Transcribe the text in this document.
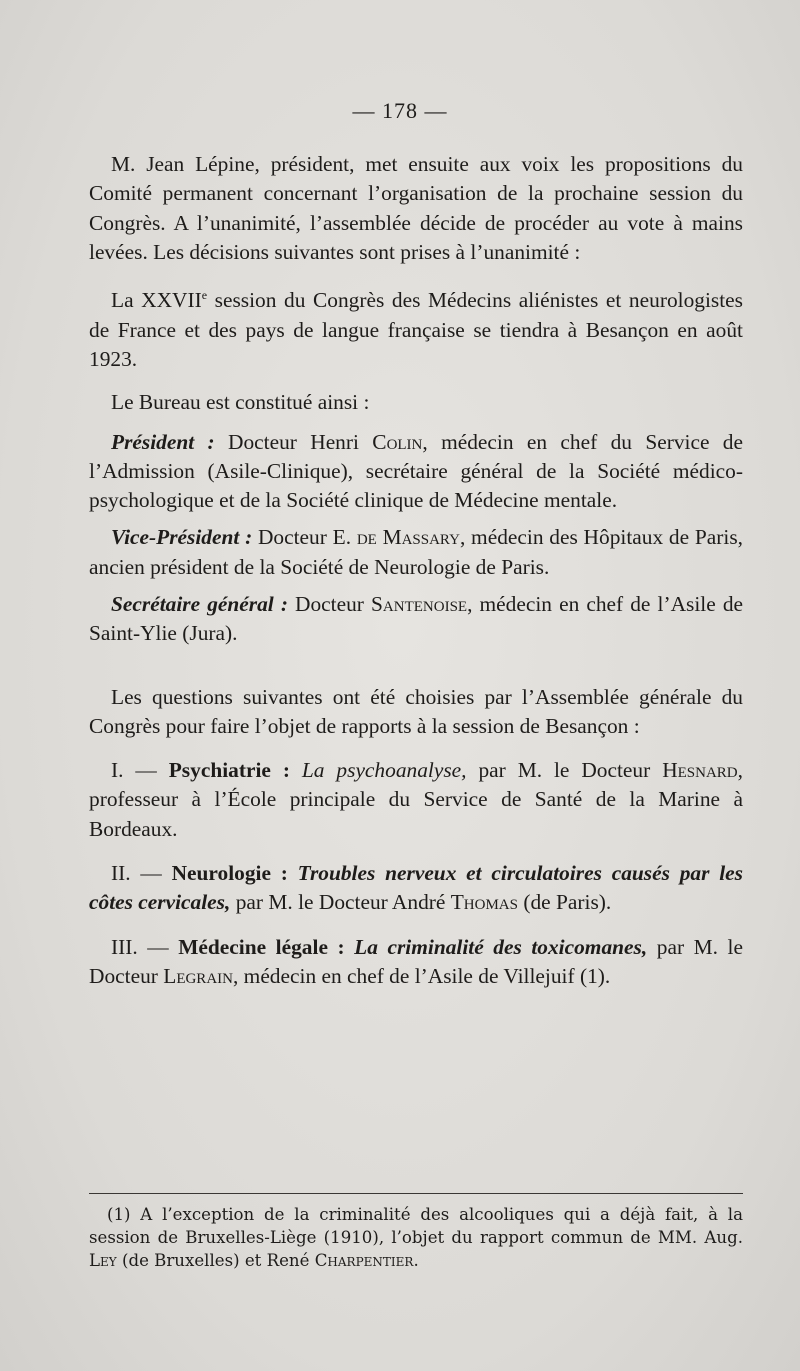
— 178 —

M. Jean Lépine, président, met ensuite aux voix les propositions du Comité permanent concernant l’organisation de la prochaine session du Congrès. A l’unanimité, l’assemblée décide de procéder au vote à mains levées. Les décisions suivantes sont prises à l’unanimité :

La XXVIIe session du Congrès des Médecins aliénistes et neurologistes de France et des pays de langue française se tiendra à Besançon en août 1923.

Le Bureau est constitué ainsi :

Président : Docteur Henri Colin, médecin en chef du Service de l’Admission (Asile-Clinique), secrétaire général de la Société médico-psychologique et de la Société clinique de Médecine mentale.

Vice-Président : Docteur E. de Massary, médecin des Hôpitaux de Paris, ancien président de la Société de Neurologie de Paris.

Secrétaire général : Docteur Santenoise, médecin en chef de l’Asile de Saint-Ylie (Jura).

Les questions suivantes ont été choisies par l’Assemblée générale du Congrès pour faire l’objet de rapports à la session de Besançon :

I. — Psychiatrie : La psychoanalyse, par M. le Docteur Hesnard, professeur à l’École principale du Service de Santé de la Marine à Bordeaux.

II. — Neurologie : Troubles nerveux et circulatoires causés par les côtes cervicales, par M. le Docteur André Thomas (de Paris).

III. — Médecine légale : La criminalité des toxicomanes, par M. le Docteur Legrain, médecin en chef de l’Asile de Villejuif (1).

(1) A l’exception de la criminalité des alcooliques qui a déjà fait, à la session de Bruxelles-Liège (1910), l’objet du rapport commun de MM. Aug. Ley (de Bruxelles) et René Charpentier.
